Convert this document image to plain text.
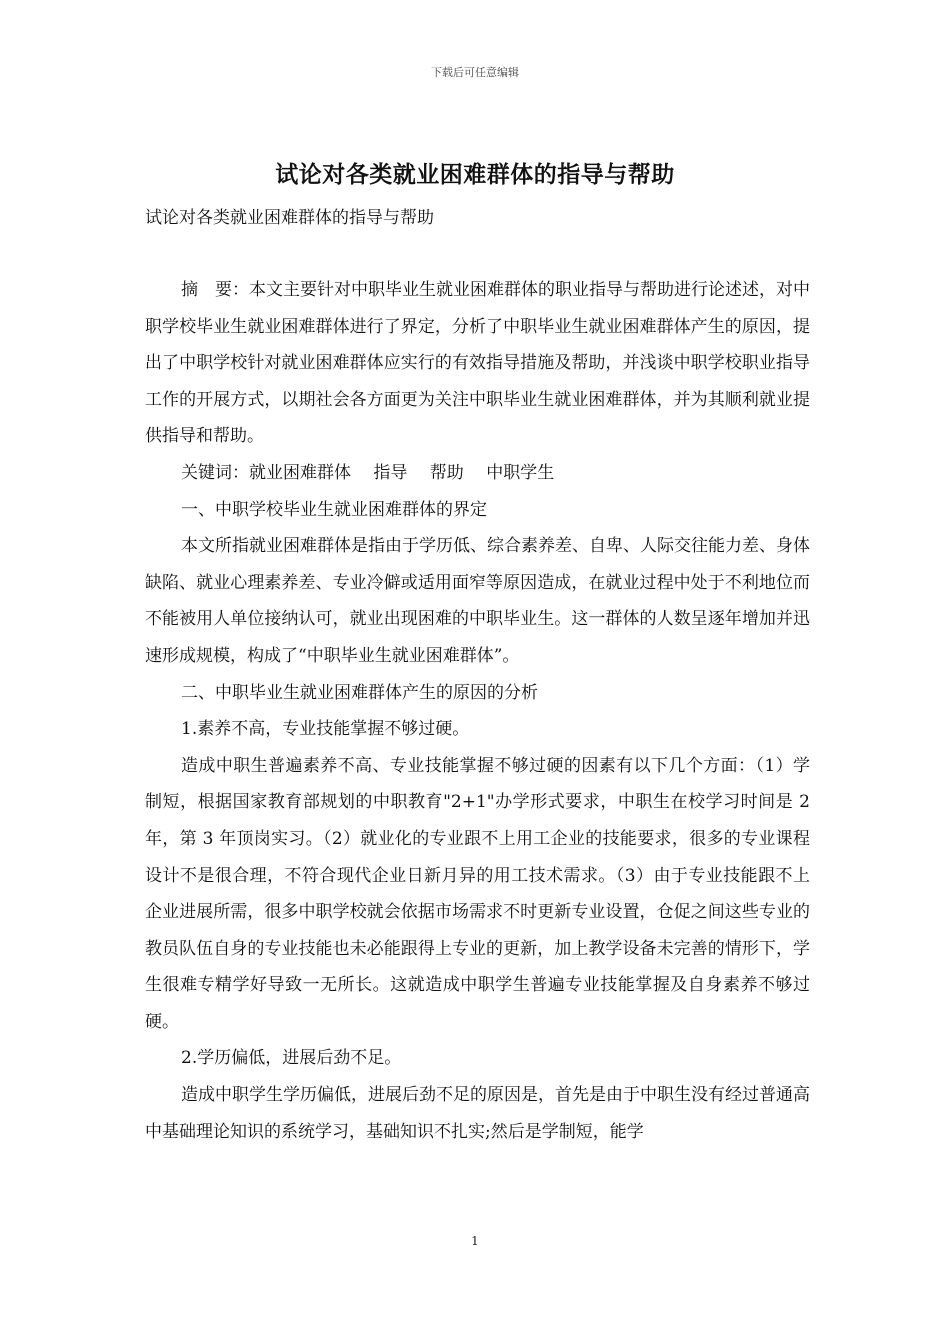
下载后可任意编辑
试论对各类就业困难群体的指导与帮助
试论对各类就业困难群体的指导与帮助

摘　要：本文主要针对中职毕业生就业困难群体的职业指导与帮助进行论述述，对中职学校毕业生就业困难群体进行了界定，分析了中职毕业生就业困难群体产生的原因，提出了中职学校针对就业困难群体应实行的有效指导措施及帮助，并浅谈中职学校职业指导工作的开展方式，以期社会各方面更为关注中职毕业生就业困难群体，并为其顺利就业提供指导和帮助。

关键词：就业困难群体　 指导　 帮助　 中职学生

一、中职学校毕业生就业困难群体的界定

本文所指就业困难群体是指由于学历低、综合素养差、自卑、人际交往能力差、身体缺陷、就业心理素养差、专业冷僻或适用面窄等原因造成，在就业过程中处于不利地位而不能被用人单位接纳认可，就业出现困难的中职毕业生。这一群体的人数呈逐年增加并迅速形成规模，构成了“中职毕业生就业困难群体”。

二、中职毕业生就业困难群体产生的原因的分析

1.素养不高，专业技能掌握不够过硬。

造成中职生普遍素养不高、专业技能掌握不够过硬的因素有以下几个方面：（1）学制短，根据国家教育部规划的中职教育"2+1"办学形式要求，中职生在校学习时间是 2 年，第 3 年顶岗实习。（2）就业化的专业跟不上用工企业的技能要求，很多的专业课程设计不是很合理，不符合现代企业日新月异的用工技术需求。（3）由于专业技能跟不上企业进展所需，很多中职学校就会依据市场需求不时更新专业设置，仓促之间这些专业的教员队伍自身的专业技能也未必能跟得上专业的更新，加上教学设备未完善的情形下，学生很难专精学好导致一无所长。这就造成中职学生普遍专业技能掌握及自身素养不够过硬。

2.学历偏低，进展后劲不足。

造成中职学生学历偏低，进展后劲不足的原因是，首先是由于中职生没有经过普通高中基础理论知识的系统学习，基础知识不扎实;然后是学制短，能学

1
